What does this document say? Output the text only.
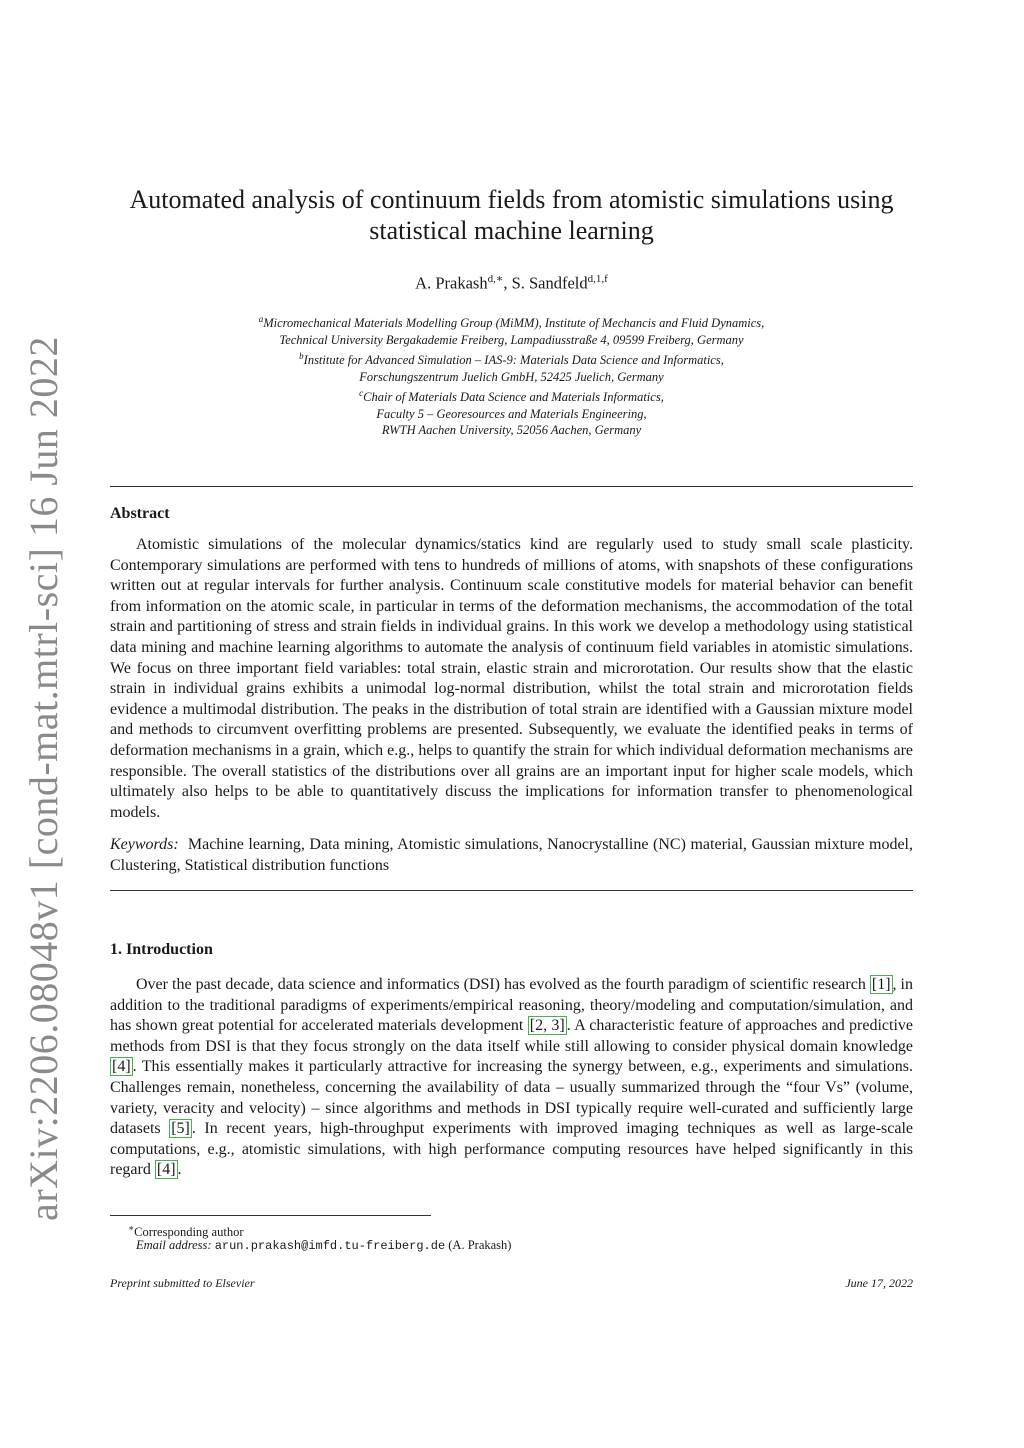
arXiv:2206.08048v1 [cond-mat.mtrl-sci] 16 Jun 2022
Automated analysis of continuum fields from atomistic simulations using
statistical machine learning
A. Prakash$^{d,∗}$, S. Sandfeld$^{d,1,f}$
$^a$Micromechanical Materials Modelling Group (MiMM), Institute of Mechancis and Fluid Dynamics,
Technical University Bergakademie Freiberg, Lampadiusstraße 4, 09599 Freiberg, Germany
$^b$Institute for Advanced Simulation – IAS-9: Materials Data Science and Informatics,
Forschungszentrum Juelich GmbH, 52425 Juelich, Germany
$^c$Chair of Materials Data Science and Materials Informatics,
Faculty 5 – Georesources and Materials Engineering,
RWTH Aachen University, 52056 Aachen, Germany
Abstract

Atomistic simulations of the molecular dynamics/statics kind are regularly used to study small scale plasticity. Contemporary simulations are performed with tens to hundreds of millions of atoms, with snapshots of these configurations written out at regular intervals for further analysis. Continuum scale constitutive models for material behavior can benefit from information on the atomic scale, in particular in terms of the deformation mechanisms, the accommodation of the total strain and partitioning of stress and strain fields in individual grains. In this work we develop a methodology using statistical data mining and machine learning algorithms to automate the analysis of continuum field variables in atomistic simulations. We focus on three important field variables: total strain, elastic strain and microrotation. Our results show that the elastic strain in individual grains exhibits a unimodal log-normal distribution, whilst the total strain and microrotation fields evidence a multimodal distribution. The peaks in the distribution of total strain are identified with a Gaussian mixture model and methods to circumvent overfitting problems are presented. Subsequently, we evaluate the identified peaks in terms of deformation mechanisms in a grain, which e.g., helps to quantify the strain for which individual deformation mechanisms are responsible. The overall statistics of the distributions over all grains are an important input for higher scale models, which ultimately also helps to be able to quantitatively discuss the implications for information transfer to phenomenological models.

Keywords: Machine learning, Data mining, Atomistic simulations, Nanocrystalline (NC) material, Gaussian mixture model, Clustering, Statistical distribution functions

1. Introduction

Over the past decade, data science and informatics (DSI) has evolved as the fourth paradigm of scientific research [1] , in addition to the traditional paradigms of experiments/empirical reasoning, theory/modeling and computation/simulation, and has shown great potential for accelerated materials development [2, 3] . A characteristic feature of approaches and predictive methods from DSI is that they focus strongly on the data itself while still allowing to consider physical domain knowledge [4] . This essentially makes it particularly attractive for increasing the synergy between, e.g., experiments and simulations. Challenges remain, nonetheless, concerning the availability of data – usually summarized through the “four Vs” (volume, variety, veracity and velocity) – since algorithms and methods in DSI typically require well-curated and sufficiently large datasets [5] . In recent years, high-throughput experiments with improved imaging techniques as well as large-scale computations, e.g., atomistic simulations, with high performance computing resources have helped significantly in this regard [4] .

∗Corresponding author
Email address: arun.prakash@imfd.tu-freiberg.de (A. Prakash)
Preprint submitted to Elsevier	June 17, 2022
